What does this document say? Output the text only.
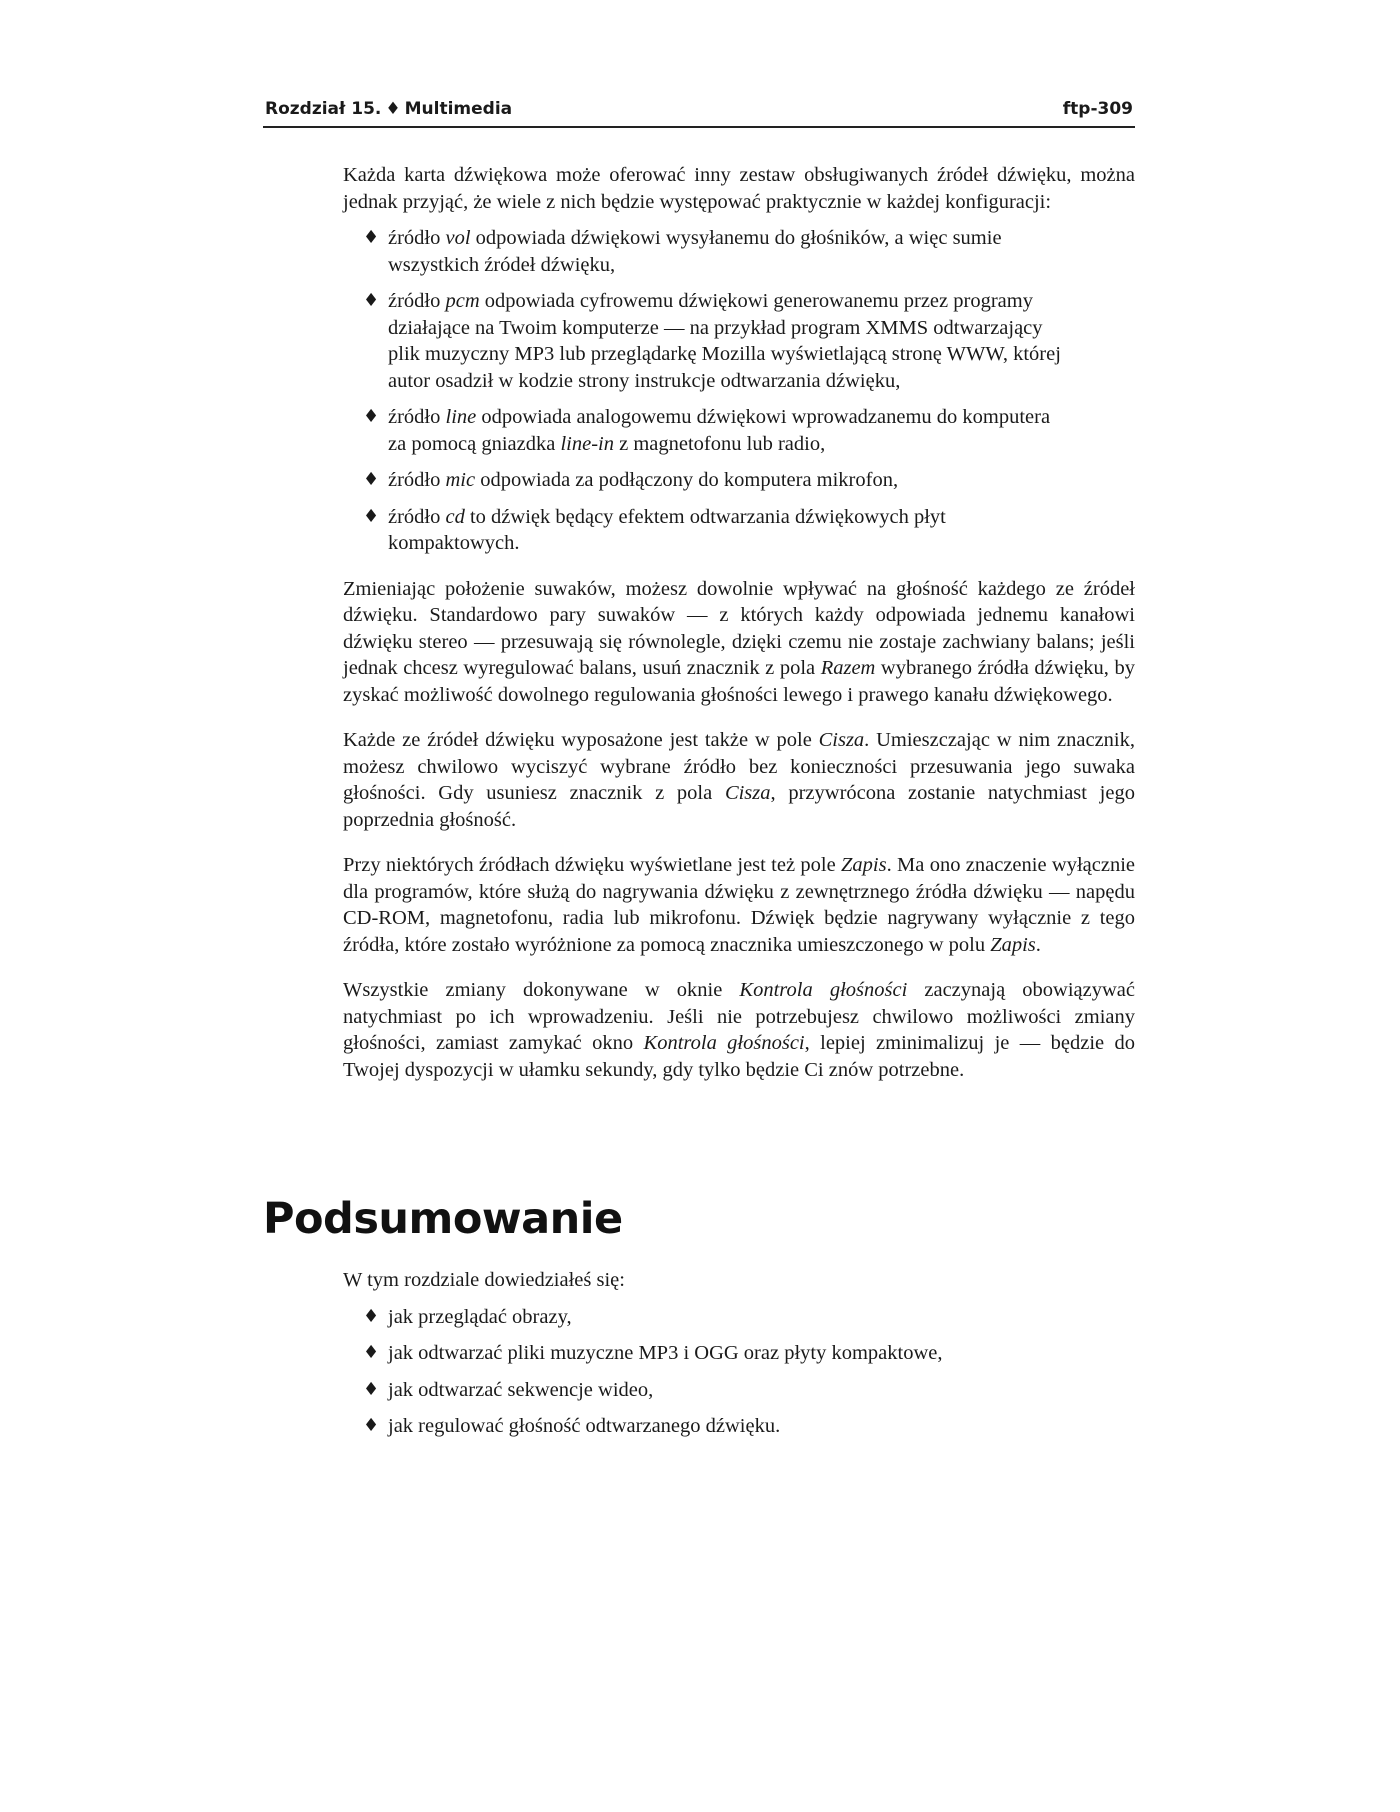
Rozdział 15. ♦ Multimedia	ftp-309

Każda karta dźwiękowa może oferować inny zestaw obsługiwanych źródeł dźwięku, można jednak przyjąć, że wiele z nich będzie występować praktycznie w każdej konfiguracji:

♦ źródło vol odpowiada dźwiękowi wysyłanemu do głośników, a więc sumie wszystkich źródeł dźwięku,
♦ źródło pcm odpowiada cyfrowemu dźwiękowi generowanemu przez programy działające na Twoim komputerze — na przykład program XMMS odtwarzający plik muzyczny MP3 lub przeglądarkę Mozilla wyświetlającą stronę WWW, której autor osadził w kodzie strony instrukcje odtwarzania dźwięku,
♦ źródło line odpowiada analogowemu dźwiękowi wprowadzanemu do komputera za pomocą gniazdka line-in z magnetofonu lub radio,
♦ źródło mic odpowiada za podłączony do komputera mikrofon,
♦ źródło cd to dźwięk będący efektem odtwarzania dźwiękowych płyt kompaktowych.

Zmieniając położenie suwaków, możesz dowolnie wpływać na głośność każdego ze źródeł dźwięku. Standardowo pary suwaków — z których każdy odpowiada jednemu kanałowi dźwięku stereo — przesuwają się równolegle, dzięki czemu nie zostaje zachwiany balans; jeśli jednak chcesz wyregulować balans, usuń znacznik z pola Razem wybranego źródła dźwięku, by zyskać możliwość dowolnego regulowania głośności lewego i prawego kanału dźwiękowego.

Każde ze źródeł dźwięku wyposażone jest także w pole Cisza. Umieszczając w nim znacznik, możesz chwilowo wyciszyć wybrane źródło bez konieczności przesuwania jego suwaka głośności. Gdy usuniesz znacznik z pola Cisza, przywrócona zostanie natychmiast jego poprzednia głośność.

Przy niektórych źródłach dźwięku wyświetlane jest też pole Zapis. Ma ono znaczenie wyłącznie dla programów, które służą do nagrywania dźwięku z zewnętrznego źródła dźwięku — napędu CD-ROM, magnetofonu, radia lub mikrofonu. Dźwięk będzie nagrywany wyłącznie z tego źródła, które zostało wyróżnione za pomocą znacznika umieszczonego w polu Zapis.

Wszystkie zmiany dokonywane w oknie Kontrola głośności zaczynają obowiązywać natychmiast po ich wprowadzeniu. Jeśli nie potrzebujesz chwilowo możliwości zmiany głośności, zamiast zamykać okno Kontrola głośności, lepiej zminimalizuj je — będzie do Twojej dyspozycji w ułamku sekundy, gdy tylko będzie Ci znów potrzebne.

Podsumowanie

W tym rozdziale dowiedziałeś się:

♦ jak przeglądać obrazy,
♦ jak odtwarzać pliki muzyczne MP3 i OGG oraz płyty kompaktowe,
♦ jak odtwarzać sekwencje wideo,
♦ jak regulować głośność odtwarzanego dźwięku.
